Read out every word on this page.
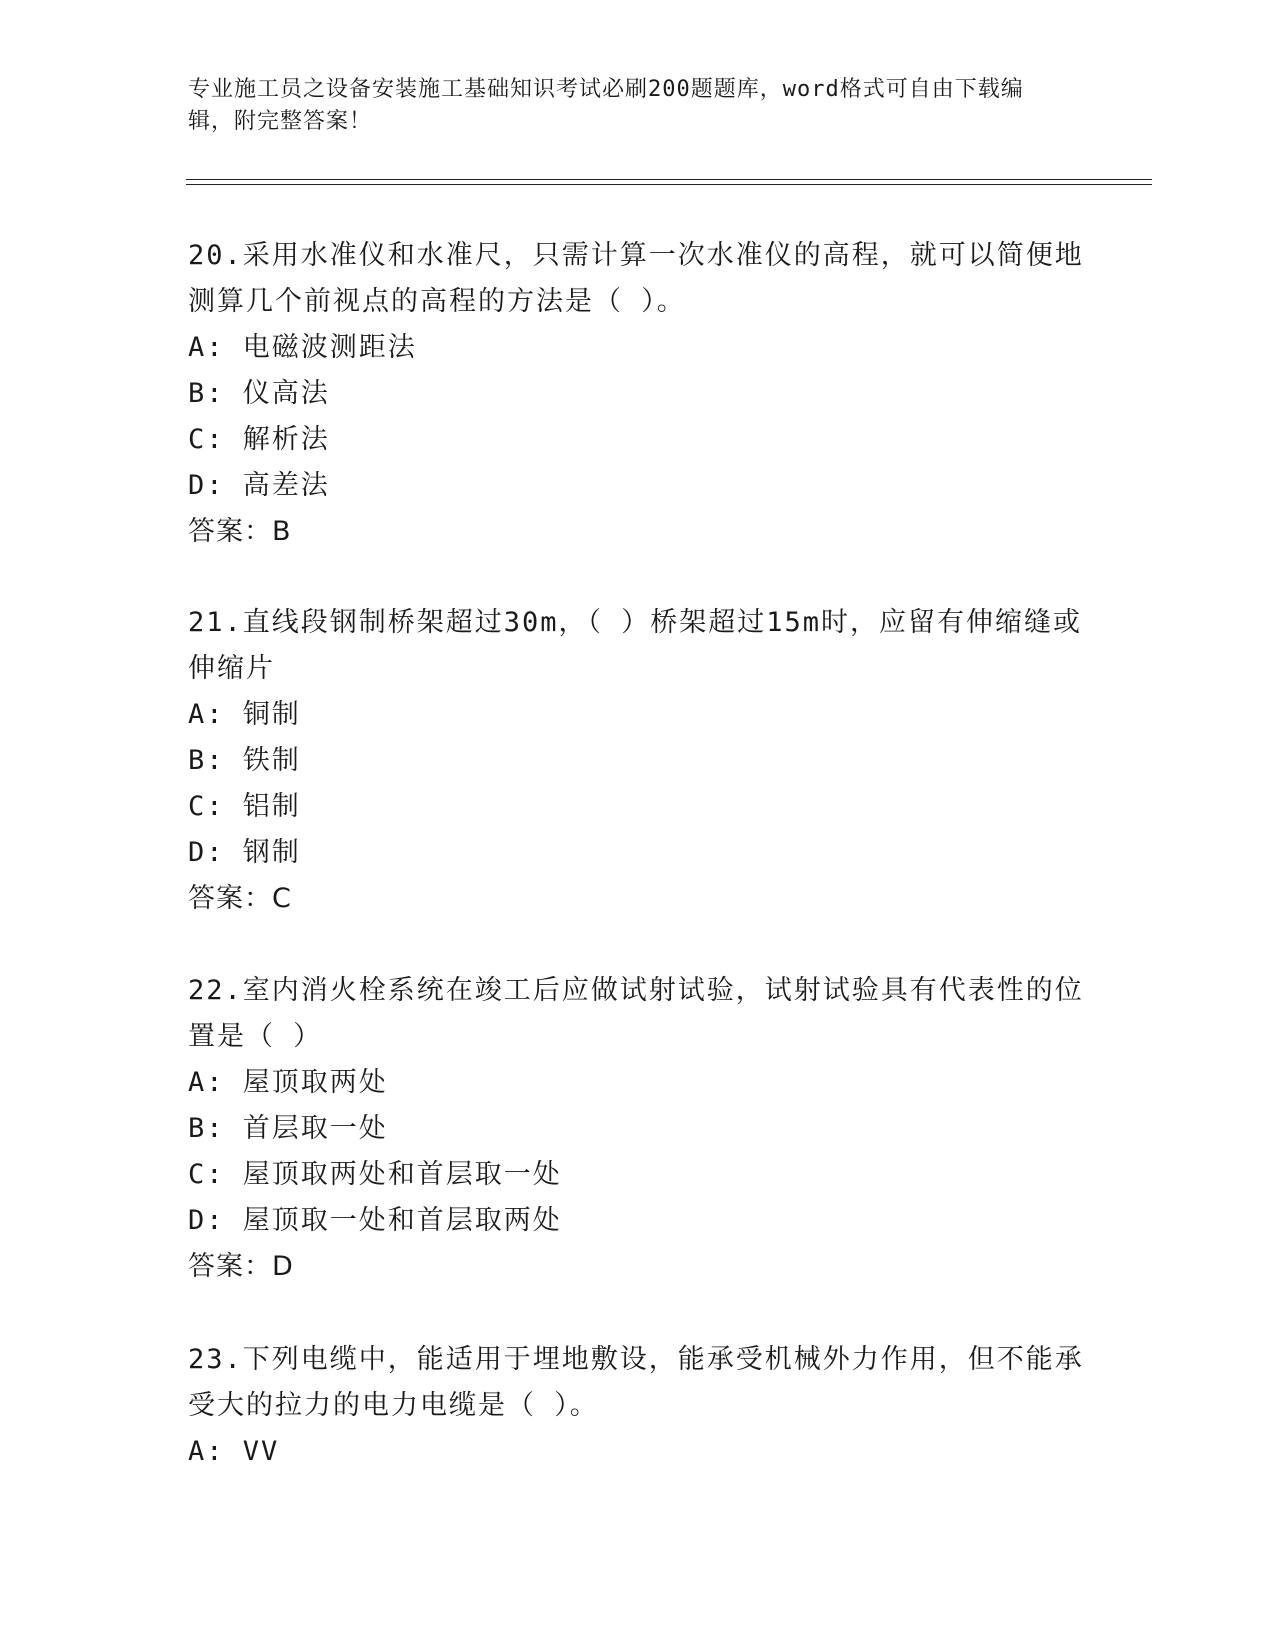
专业施工员之设备安装施工基础知识考试必刷200题题库，word格式可自由下载编辑，附完整答案！
20.采用水准仪和水准尺，只需计算一次水准仪的高程，就可以简便地测算几个前视点的高程的方法是（ ）。
A: 电磁波测距法
B: 仪高法
C: 解析法
D: 高差法
答案：B
21.直线段钢制桥架超过30m，（ ）桥架超过15m时，应留有伸缩缝或伸缩片
A: 铜制
B: 铁制
C: 铝制
D: 钢制
答案：C
22.室内消火栓系统在竣工后应做试射试验，试射试验具有代表性的位置是（ ）
A: 屋顶取两处
B: 首层取一处
C: 屋顶取两处和首层取一处
D: 屋顶取一处和首层取两处
答案：D
23.下列电缆中，能适用于埋地敷设，能承受机械外力作用，但不能承受大的拉力的电力电缆是（ ）。
A: VV
